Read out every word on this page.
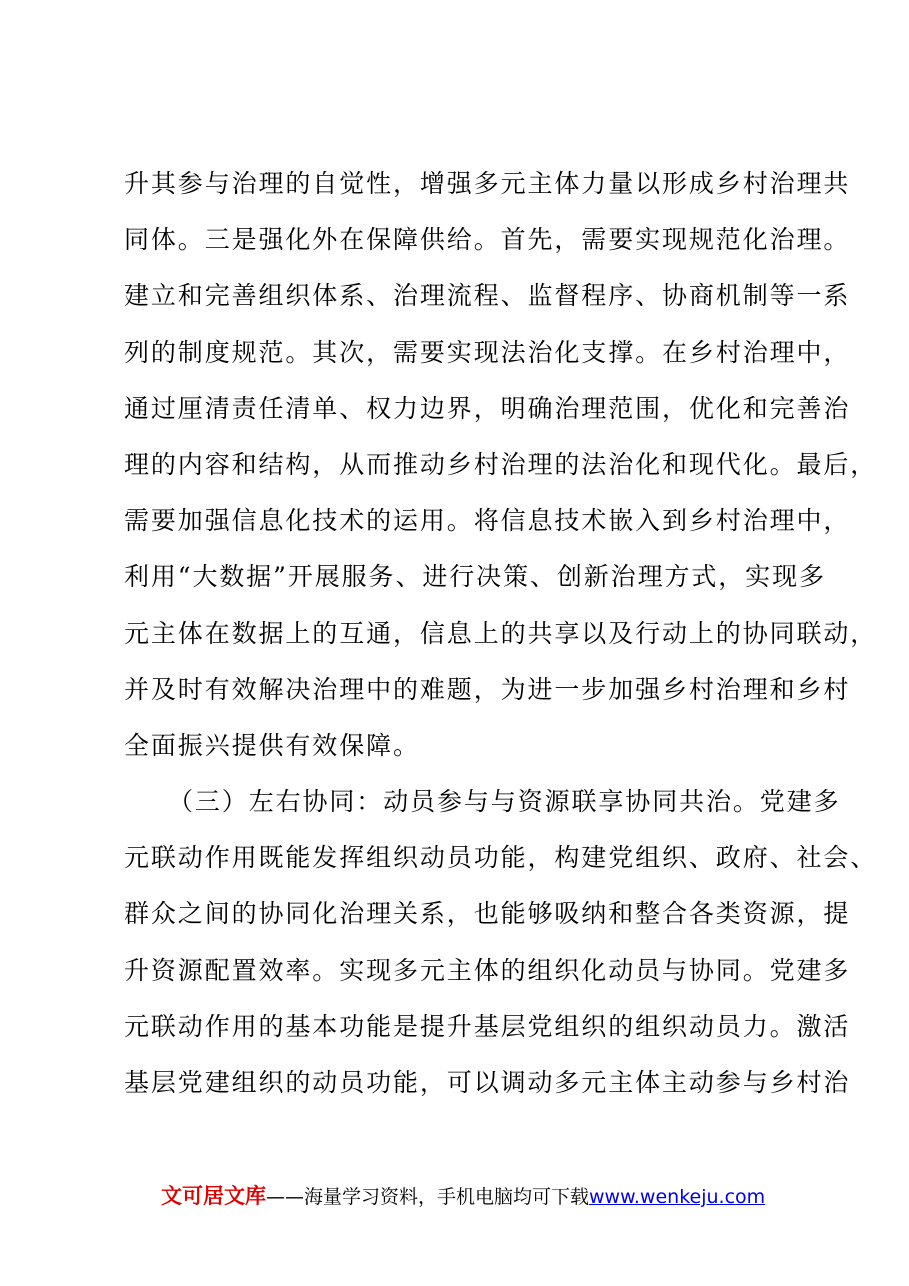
升其参与治理的自觉性，增强多元主体力量以形成乡村治理共
同体。三是强化外在保障供给。首先，需要实现规范化治理。
建立和完善组织体系、治理流程、监督程序、协商机制等一系
列的制度规范。其次，需要实现法治化支撑。在乡村治理中，
通过厘清责任清单、权力边界，明确治理范围，优化和完善治
理的内容和结构，从而推动乡村治理的法治化和现代化。最后，
需要加强信息化技术的运用。将信息技术嵌入到乡村治理中，
利用“大数据”开展服务、进行决策、创新治理方式，实现多
元主体在数据上的互通，信息上的共享以及行动上的协同联动，
并及时有效解决治理中的难题，为进一步加强乡村治理和乡村
全面振兴提供有效保障。
（三）左右协同：动员参与与资源联享协同共治。党建多
元联动作用既能发挥组织动员功能，构建党组织、政府、社会、
群众之间的协同化治理关系，也能够吸纳和整合各类资源，提
升资源配置效率。实现多元主体的组织化动员与协同。党建多
元联动作用的基本功能是提升基层党组织的组织动员力。激活
基层党建组织的动员功能，可以调动多元主体主动参与乡村治
文可居文库——海量学习资料，手机电脑均可下载www.wenkeju.com
